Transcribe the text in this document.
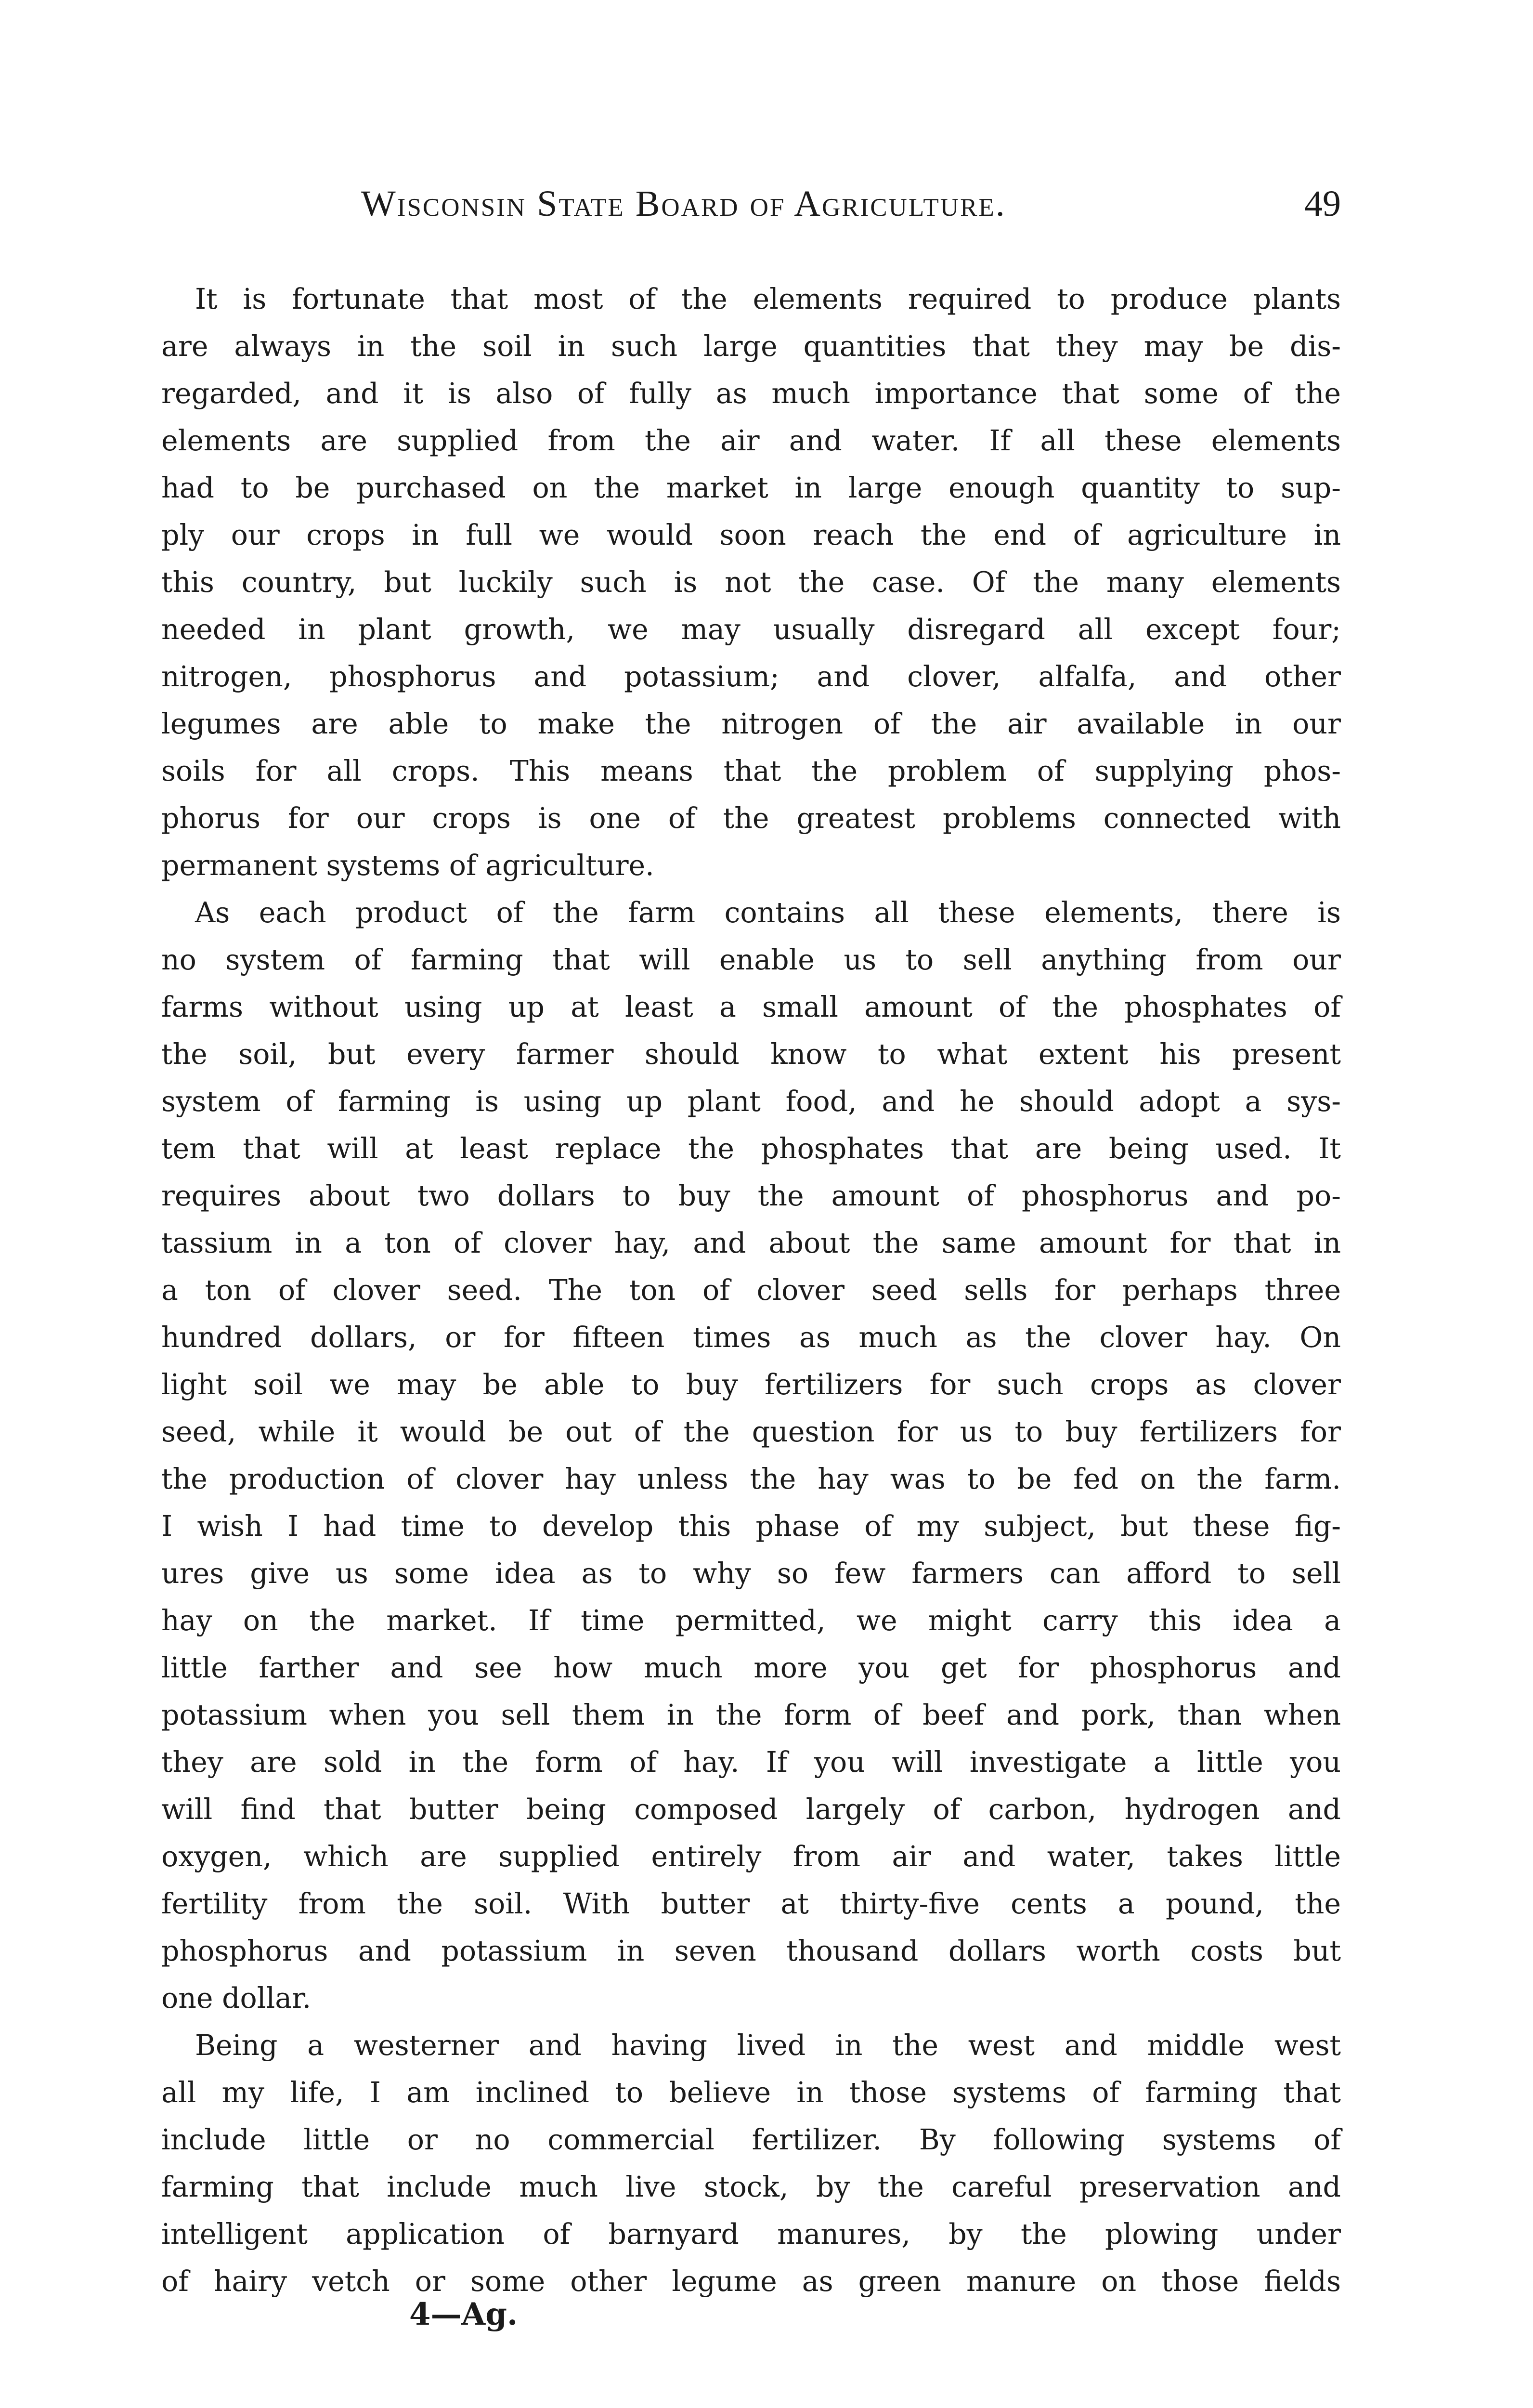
Wisconsin State Board of Agriculture.	49

It is fortunate that most of the elements required to produce plants
are always in the soil in such large quantities that they may be dis-
regarded, and it is also of fully as much importance that some of the
elements are supplied from the air and water. If all these elements
had to be purchased on the market in large enough quantity to sup-
ply our crops in full we would soon reach the end of agriculture in
this country, but luckily such is not the case. Of the many elements
needed in plant growth, we may usually disregard all except four;
nitrogen, phosphorus and potassium; and clover, alfalfa, and other
legumes are able to make the nitrogen of the air available in our
soils for all crops. This means that the problem of supplying phos-
phorus for our crops is one of the greatest problems connected with
permanent systems of agriculture.

As each product of the farm contains all these elements, there is
no system of farming that will enable us to sell anything from our
farms without using up at least a small amount of the phosphates of
the soil, but every farmer should know to what extent his present
system of farming is using up plant food, and he should adopt a sys-
tem that will at least replace the phosphates that are being used. It
requires about two dollars to buy the amount of phosphorus and po-
tassium in a ton of clover hay, and about the same amount for that in
a ton of clover seed. The ton of clover seed sells for perhaps three
hundred dollars, or for fifteen times as much as the clover hay. On
light soil we may be able to buy fertilizers for such crops as clover
seed, while it would be out of the question for us to buy fertilizers for
the production of clover hay unless the hay was to be fed on the farm.
I wish I had time to develop this phase of my subject, but these fig-
ures give us some idea as to why so few farmers can afford to sell
hay on the market. If time permitted, we might carry this idea a
little farther and see how much more you get for phosphorus and
potassium when you sell them in the form of beef and pork, than when
they are sold in the form of hay. If you will investigate a little you
will find that butter being composed largely of carbon, hydrogen and
oxygen, which are supplied entirely from air and water, takes little
fertility from the soil. With butter at thirty-five cents a pound, the
phosphorus and potassium in seven thousand dollars worth costs but
one dollar.

Being a westerner and having lived in the west and middle west
all my life, I am inclined to believe in those systems of farming that
include little or no commercial fertilizer. By following systems of
farming that include much live stock, by the careful preservation and
intelligent application of barnyard manures, by the plowing under
of hairy vetch or some other legume as green manure on those fields

4—Ag.
